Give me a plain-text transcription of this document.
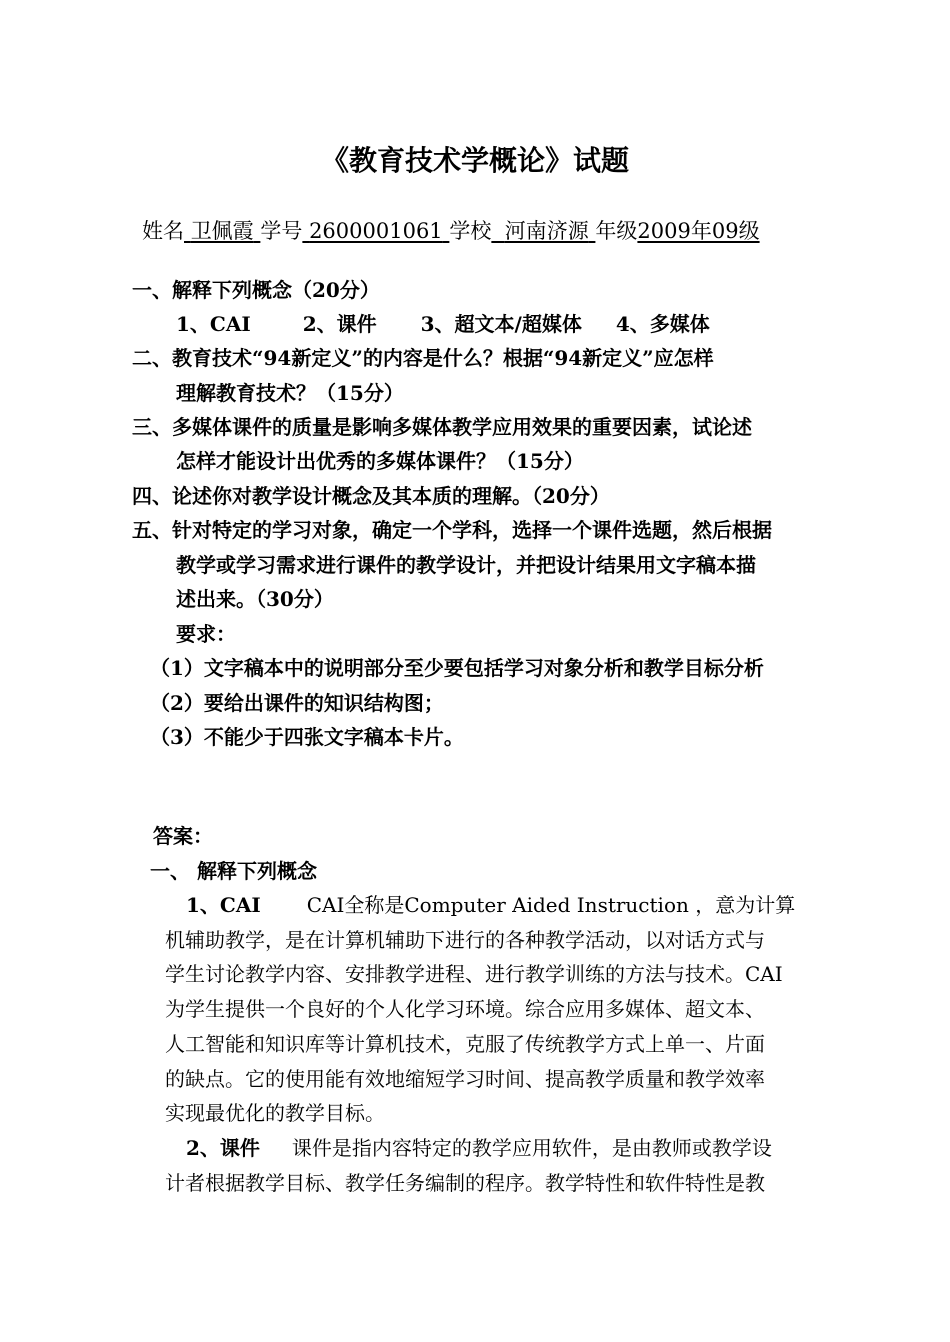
《教育技术学概论》试题
姓名 卫佩霞 学号 2600001061 学校 河南济源 年级2009年09级
一、解释下列概念（20分）
1、CAI	2、课件 3、超文本/超媒体 4、多媒体
二、教育技术“94新定义”的内容是什么？根据“94新定义”应怎样
理解教育技术？（15分）
三、多媒体课件的质量是影响多媒体教学应用效果的重要因素，试论述
怎样才能设计出优秀的多媒体课件？（15分）
四、论述你对教学设计概念及其本质的理解。（20分）
五、针对特定的学习对象，确定一个学科，选择一个课件选题，然后根据
教学或学习需求进行课件的教学设计，并把设计结果用文字稿本描
述出来。（30分）
要求：
（1）文字稿本中的说明部分至少要包括学习对象分析和教学目标分析
（2）要给出课件的知识结构图；
（3）不能少于四张文字稿本卡片。
答案：
一、 解释下列概念
1、CAI CAI全称是Computer Aided Instruction ，意为计算
机辅助教学，是在计算机辅助下进行的各种教学活动，以对话方式与
学生讨论教学内容、安排教学进程、进行教学训练的方法与技术。CAI
为学生提供一个良好的个人化学习环境。综合应用多媒体、超文本、
人工智能和知识库等计算机技术，克服了传统教学方式上单一、片面
的缺点。它的使用能有效地缩短学习时间、提高教学质量和教学效率
实现最优化的教学目标。
2、课件 课件是指内容特定的教学应用软件，是由教师或教学设
计者根据教学目标、教学任务编制的程序。教学特性和软件特性是教
